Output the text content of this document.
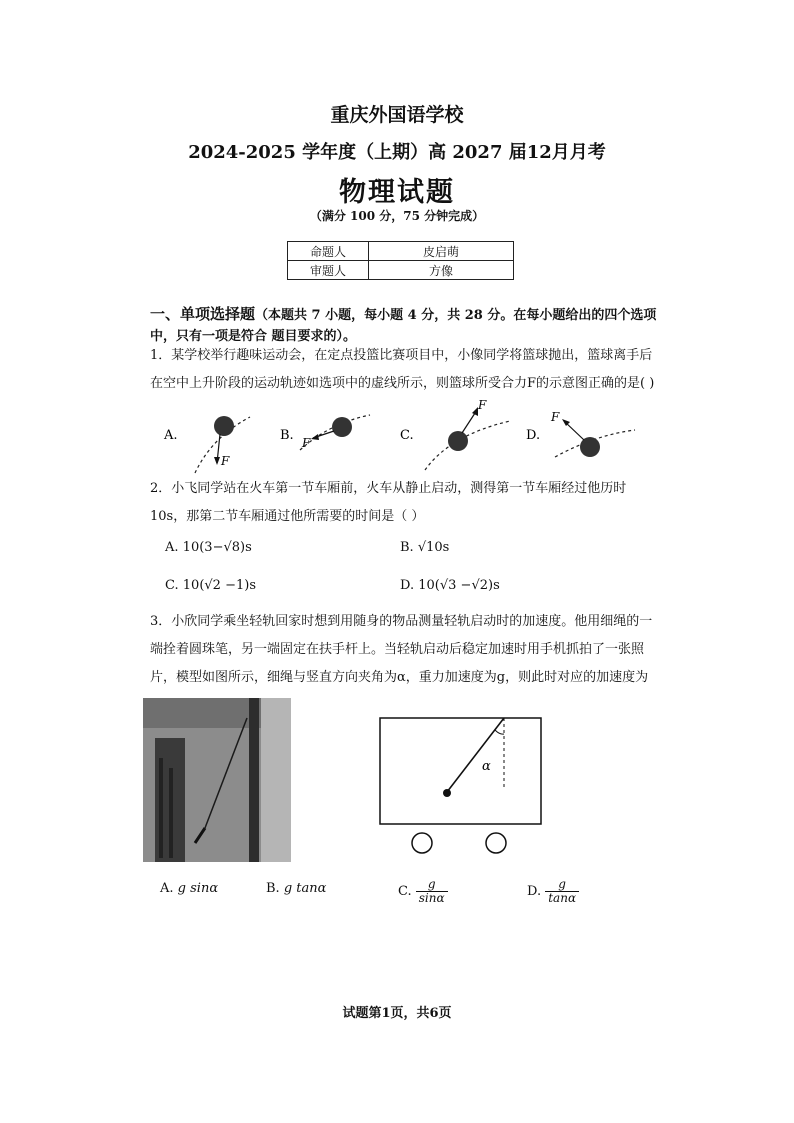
重庆外国语学校
2024-2025 学年度（上期）高 2027 届12月月考
物理试题
（满分 100 分，75 分钟完成）
命题人	皮启萌
审题人	方像
一、单项选择题（本题共 7 小题，每小题 4 分，共 28 分。在每小题给出的四个选项中，只有一项是符合 题目要求的）。
1．某学校举行趣味运动会，在定点投篮比赛项目中，小像同学将篮球抛出，篮球离手后在空中上升阶段的运动轨迹如选项中的虚线所示，则篮球所受合力F的示意图正确的是( )
A.
F
B. F	C.
F
D.
F
2．小飞同学站在火车第一节车厢前，火车从静止启动，测得第一节车厢经过他历时 10s，那第二节车厢通过他所需要的时间是（ ）
A. 10(3−√8)s	B. √10s
C. 10(√2 −1)s	D. 10(√3 −√2)s
3．小欣同学乘坐轻轨回家时想到用随身的物品测量轻轨启动时的加速度。他用细绳的一端拴着圆珠笔，另一端固定在扶手杆上。当轻轨启动后稳定加速时用手机抓拍了一张照片，模型如图所示，细绳与竖直方向夹角为α，重力加速度为g，则此时对应的加速度为
α
A. g sinα	B. g tanα	C. $\frac{g}{\sin\alpha}$	D. $\frac{g}{\tan\alpha}$
试题第1页，共6页
